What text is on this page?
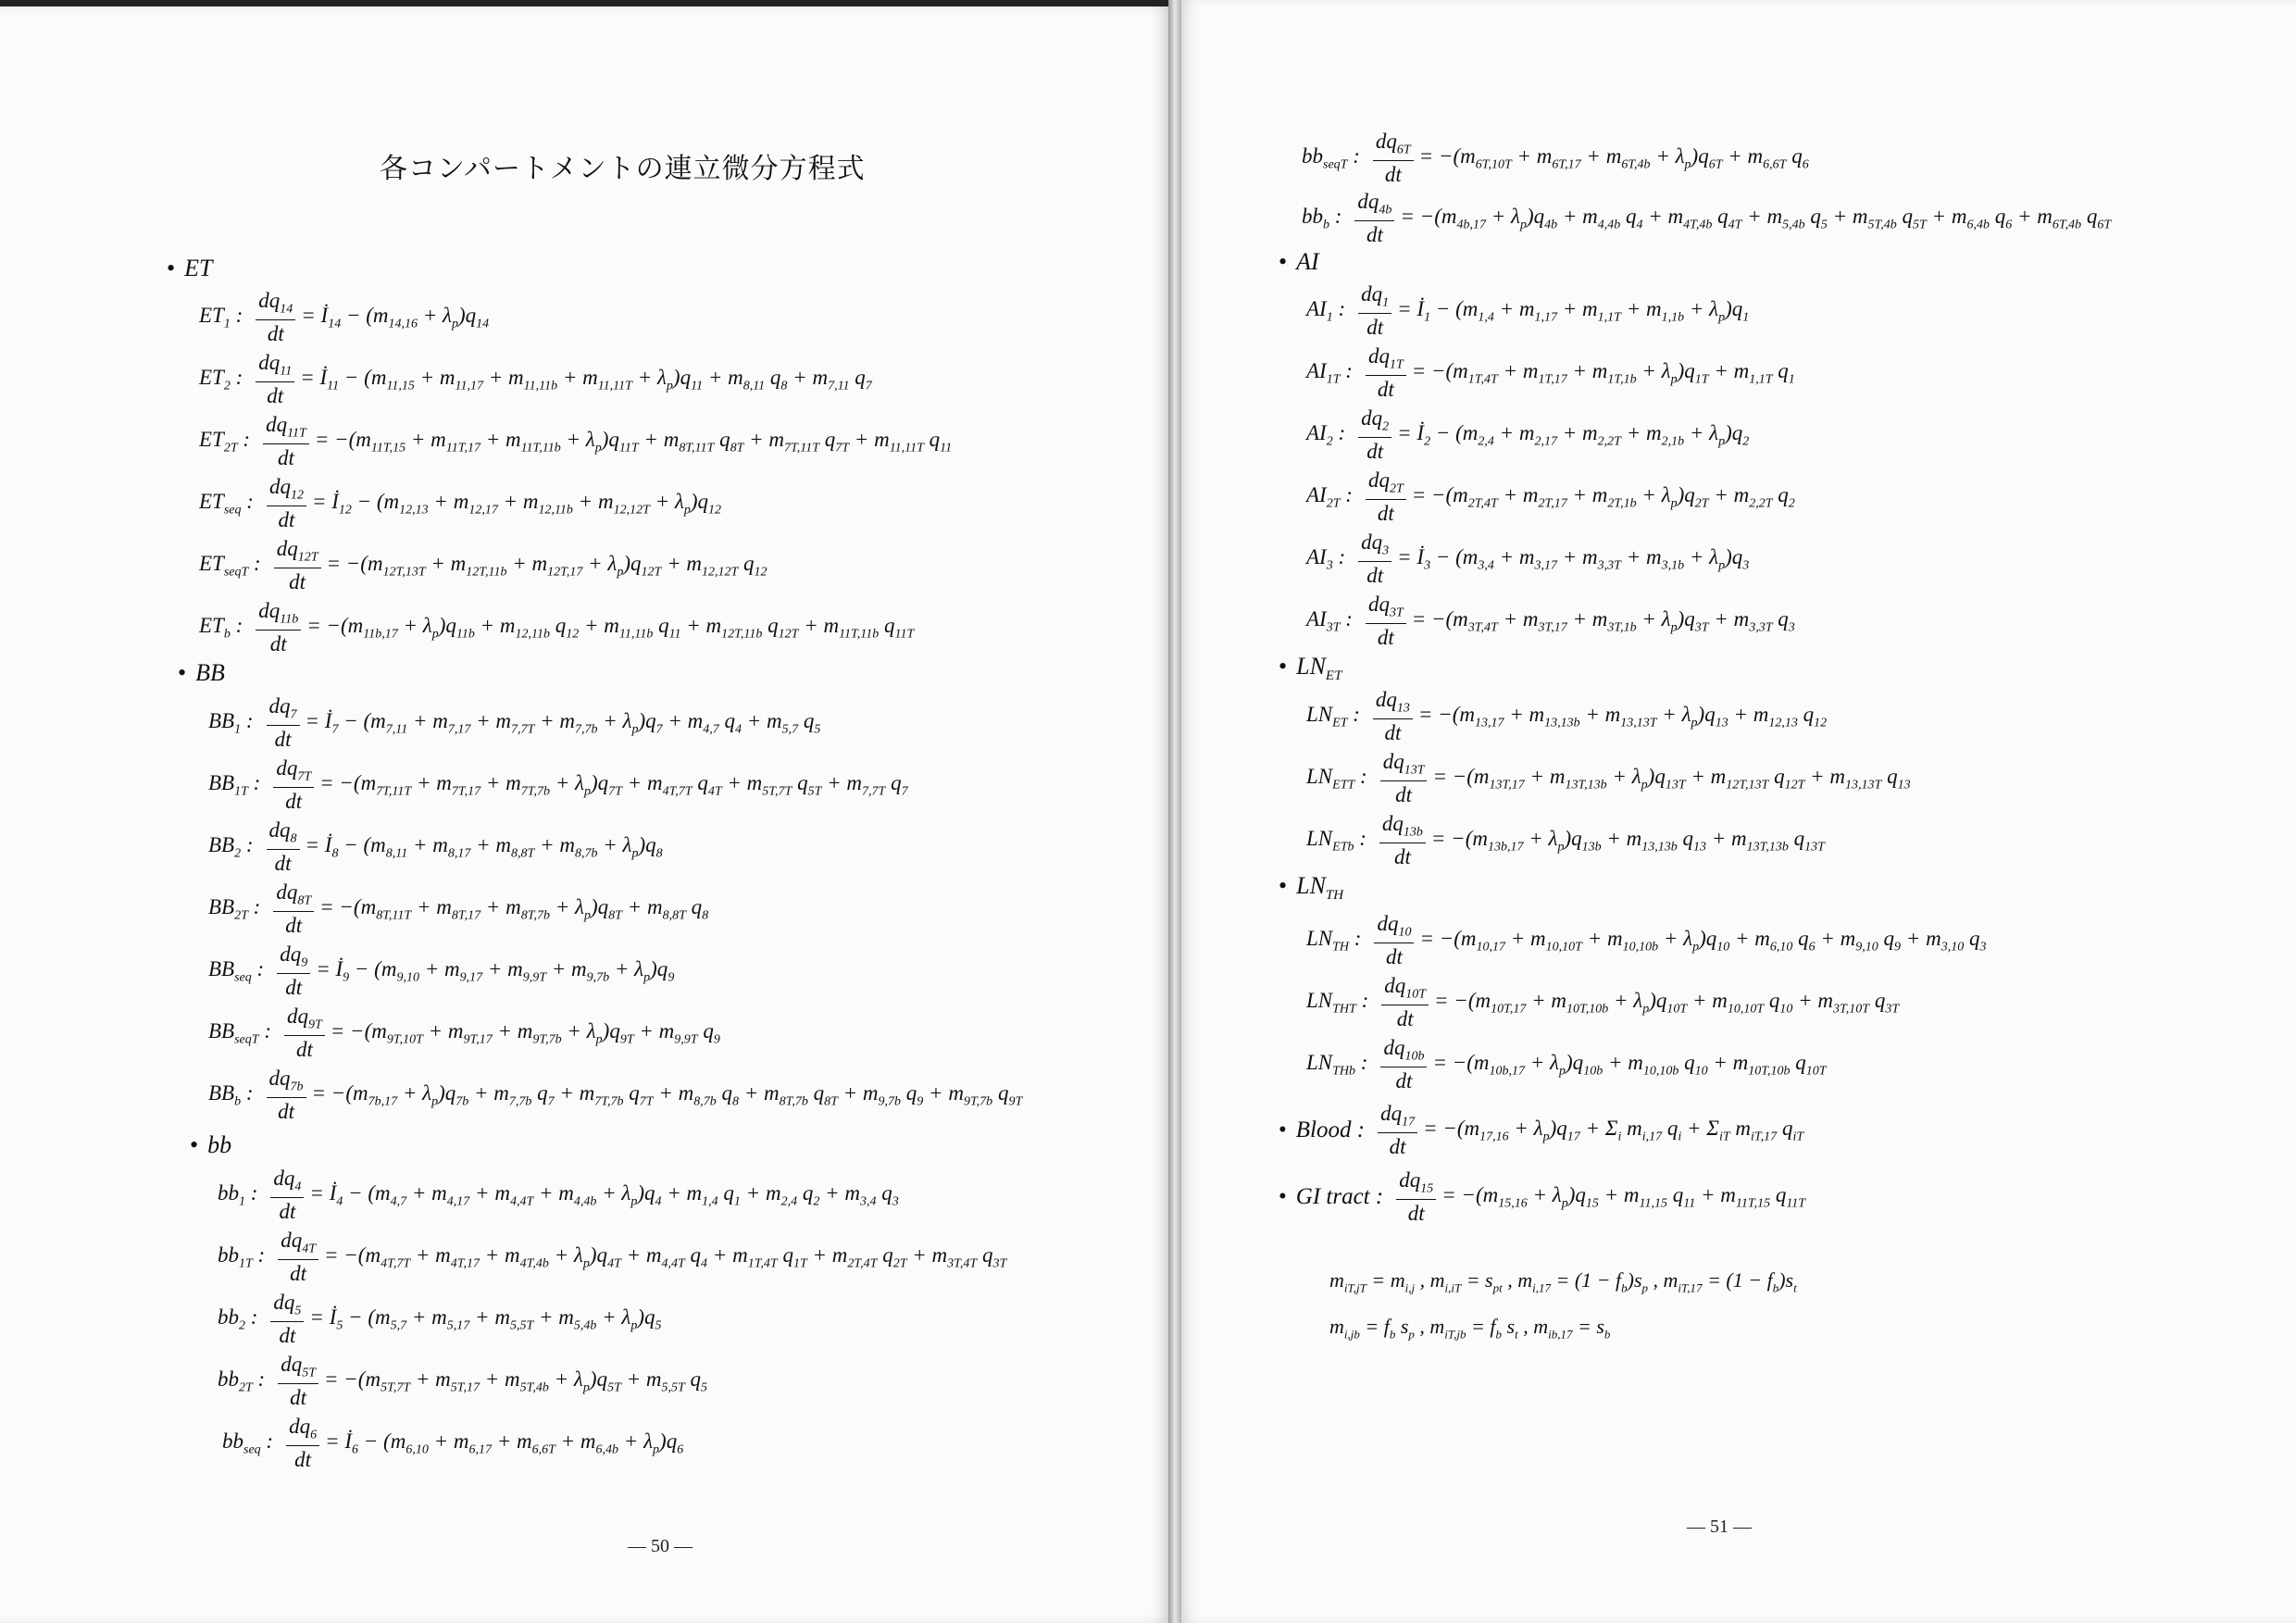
各コンパートメントの連立微分方程式
• ET
$ET_1$ : $\frac{dq_{14}}{dt}$ = $İ_{14} - (m_{14,16} + \lambda_p)q_{14}$
$ET_2$ : $\frac{dq_{11}}{dt}$ = $İ_{11} - (m_{11,15} + m_{11,17} + m_{11,11b} + m_{11,11T} + \lambda_p)q_{11} + m_{8,11}$ $q_8 + m_{7,11}$ $q_7$
$ET_{2T}$ : $\frac{dq_{11T}}{dt} = -(m_{11T,15} + m_{11T,17} + m_{11T,11b} + \lambda_p)q_{11T} + m_{8T,11T}$ $q_{8T} + m_{7T,11T}$ $q_{7T} + m_{11,11T}$ $q_{11}$
$ET_{seq}$ : $\frac{dq_{12}}{dt}$ = $İ_{12} - (m_{12,13} + m_{12,17} + m_{12,11b} + m_{12,12T} + \lambda_p)q_{12}$
$ET_{seqT}$ : $\frac{dq_{12T}}{dt} = -(m_{12T,13T} + m_{12T,11b} + m_{12T,17} + \lambda_p)q_{12T} + m_{12,12T}$ $q_{12}$
$ET_b$ : $\frac{dq_{11b}}{dt} = -(m_{11b,17} + \lambda_p)q_{11b} + m_{12,11b}$ $q_{12} + m_{11,11b}$ $q_{11} + m_{12T,11b}$ $q_{12T} + m_{11T,11b}$ $q_{11T}$
• BB
$BB_1$ : $\frac{dq_7}{dt}$ = $İ_7 - (m_{7,11} + m_{7,17} + m_{7,7T} + m_{7,7b} + \lambda_p)q_7 + m_{4,7}$ $q_4 + m_{5,7}$ $q_5$
$BB_{1T}$ : $\frac{dq_{7T}}{dt} = -(m_{7T,11T} + m_{7T,17} + m_{7T,7b} + \lambda_p)q_{7T} + m_{4T,7T}$ $q_{4T} + m_{5T,7T}$ $q_{5T} + m_{7,7T}$ $q_7$
$BB_2$ : $\frac{dq_8}{dt}$ = $İ_8 - (m_{8,11} + m_{8,17} + m_{8,8T} + m_{8,7b} + \lambda_p)q_8$
$BB_{2T}$ : $\frac{dq_{8T}}{dt} = -(m_{8T,11T} + m_{8T,17} + m_{8T,7b} + \lambda_p)q_{8T} + m_{8,8T}$ $q_8$
$BB_{seq}$ : $\frac{dq_9}{dt}$ = $İ_9 - (m_{9,10} + m_{9,17} + m_{9,9T} + m_{9,7b} + \lambda_p)q_9$
$BB_{seqT}$ : $\frac{dq_{9T}}{dt} = -(m_{9T,10T} + m_{9T,17} + m_{9T,7b} + \lambda_p)q_{9T} + m_{9,9T}$ $q_9$
$BB_b$ : $\frac{dq_{7b}}{dt} = -(m_{7b,17} + \lambda_p)q_{7b} + m_{7,7b}$ $q_7 + m_{7T,7b}$ $q_{7T} + m_{8,7b}$ $q_8 + m_{8T,7b}$ $q_{8T} + m_{9,7b}$ $q_9 + m_{9T,7b}$ $q_{9T}$
• bb
$bb_1$ : $\frac{dq_4}{dt}$ = $İ_4 - (m_{4,7} + m_{4,17} + m_{4,4T} + m_{4,4b} + \lambda_p)q_4 + m_{1,4}$ $q_1 + m_{2,4}$ $q_2 + m_{3,4}$ $q_3$
$bb_{1T}$ : $\frac{dq_{4T}}{dt} = -(m_{4T,7T} + m_{4T,17} + m_{4T,4b} + \lambda_p)q_{4T} + m_{4,4T}$ $q_4 + m_{1T,4T}$ $q_{1T} + m_{2T,4T}$ $q_{2T} + m_{3T,4T}$ $q_{3T}$
$bb_2$ : $\frac{dq_5}{dt}$ = $İ_5 - (m_{5,7} + m_{5,17} + m_{5,5T} + m_{5,4b} + \lambda_p)q_5$
$bb_{2T}$ : $\frac{dq_{5T}}{dt} = -(m_{5T,7T} + m_{5T,17} + m_{5T,4b} + \lambda_p)q_{5T} + m_{5,5T}$ $q_5$
$bb_{seq}$ : $\frac{dq_6}{dt}$ = $İ_6 - (m_{6,10} + m_{6,17} + m_{6,6T} + m_{6,4b} + \lambda_p)q_6$
— 50 —
$bb_{seqT}$ : $\frac{dq_{6T}}{dt} = -(m_{6T,10T} + m_{6T,17} + m_{6T,4b} + \lambda_p)q_{6T} + m_{6,6T}$ $q_6$
$bb_b$ : $\frac{dq_{4b}}{dt} = -(m_{4b,17} + \lambda_p)q_{4b} + m_{4,4b}$ $q_4 + m_{4T,4b}$ $q_{4T} + m_{5,4b}$ $q_5 + m_{5T,4b}$ $q_{5T} + m_{6,4b}$ $q_6 + m_{6T,4b}$ $q_{6T}$
• AI
$AI_1$ : $\frac{dq_1}{dt}$ = $İ_1 - (m_{1,4} + m_{1,17} + m_{1,1T} + m_{1,1b} + \lambda_p)q_1$
$AI_{1T}$ : $\frac{dq_{1T}}{dt} = -(m_{1T,4T} + m_{1T,17} + m_{1T,1b} + \lambda_p)q_{1T} + m_{1,1T}$ $q_1$
$AI_2$ : $\frac{dq_2}{dt}$ = $İ_2 - (m_{2,4} + m_{2,17} + m_{2,2T} + m_{2,1b} + \lambda_p)q_2$
$AI_{2T}$ : $\frac{dq_{2T}}{dt} = -(m_{2T,4T} + m_{2T,17} + m_{2T,1b} + \lambda_p)q_{2T} + m_{2,2T}$ $q_2$
$AI_3$ : $\frac{dq_3}{dt}$ = $İ_3 - (m_{3,4} + m_{3,17} + m_{3,3T} + m_{3,1b} + \lambda_p)q_3$
$AI_{3T}$ : $\frac{dq_{3T}}{dt} = -(m_{3T,4T} + m_{3T,17} + m_{3T,1b} + \lambda_p)q_{3T} + m_{3,3T}$ $q_3$
• $LN_{ET}$
$LN_{ET}$ : $\frac{dq_{13}}{dt} = -(m_{13,17} + m_{13,13b} + m_{13,13T} + \lambda_p)q_{13} + m_{12,13}$ $q_{12}$
$LN_{ETT}$ : $\frac{dq_{13T}}{dt} = -(m_{13T,17} + m_{13T,13b} + \lambda_p)q_{13T} + m_{12T,13T}$ $q_{12T} + m_{13,13T}$ $q_{13}$
$LN_{ETb}$ : $\frac{dq_{13b}}{dt} = -(m_{13b,17} + \lambda_p)q_{13b} + m_{13,13b}$ $q_{13} + m_{13T,13b}$ $q_{13T}$
• $LN_{TH}$
$LN_{TH}$ : $\frac{dq_{10}}{dt} = -(m_{10,17} + m_{10,10T} + m_{10,10b} + \lambda_p)q_{10} + m_{6,10}$ $q_6 + m_{9,10}$ $q_9 + m_{3,10}$ $q_3$
$LN_{THT}$ : $\frac{dq_{10T}}{dt} = -(m_{10T,17} + m_{10T,10b} + \lambda_p)q_{10T} + m_{10,10T}$ $q_{10} + m_{3T,10T}$ $q_{3T}$
$LN_{THb}$ : $\frac{dq_{10b}}{dt} = -(m_{10b,17} + \lambda_p)q_{10b} + m_{10,10b}$ $q_{10} + m_{10T,10b}$ $q_{10T}$
• Blood : $\frac{dq_{17}}{dt} = -(m_{17,16} + \lambda_p)q_{17} + \Sigma_i$ $m_{i,17}$ $q_i + \Sigma_{iT}$ $m_{iT,17}$ $q_{iT}$
• GI tract : $\frac{dq_{15}}{dt} = -(m_{15,16} + \lambda_p)q_{15} + m_{11,15}$ $q_{11} + m_{11T,15}$ $q_{11T}$
$m_{iT,jT} = m_{i,j}$ , $m_{i,iT} = s_{pt}$ , $m_{i,17} = (1 - f_b)s_p$ , $m_{iT,17} = (1 - f_b)s_t$
$m_{i,jb} = f_b$ $s_p$ , $m_{iT,jb} = f_b$ $s_t$ , $m_{ib,17} = s_b$
— 51 —
